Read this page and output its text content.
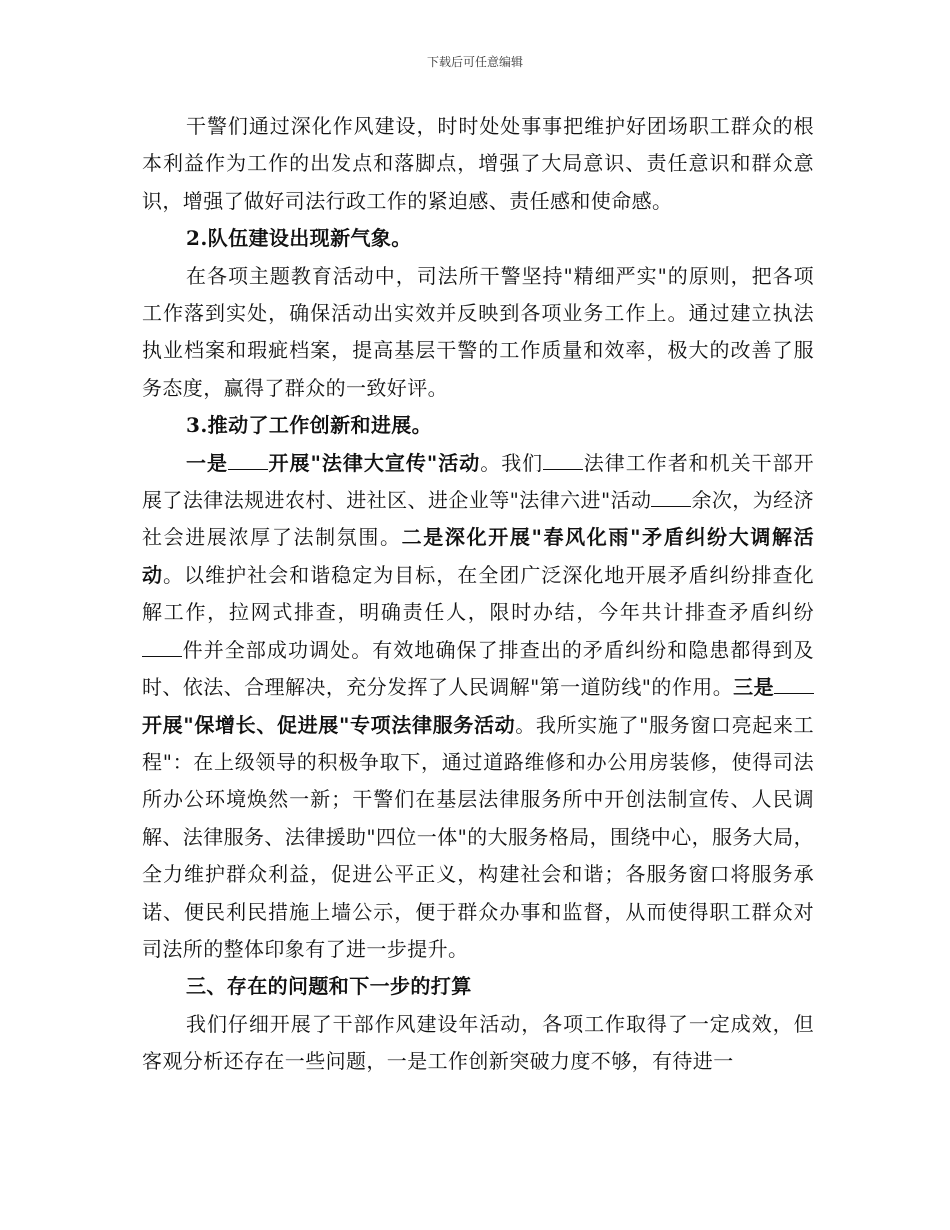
下载后可任意编辑

干警们通过深化作风建设，时时处处事事把维护好团场职工群众的根本利益作为工作的出发点和落脚点，增强了大局意识、责任意识和群众意识，增强了做好司法行政工作的紧迫感、责任感和使命感。

2.队伍建设出现新气象。

在各项主题教育活动中，司法所干警坚持"精细严实"的原则，把各项工作落到实处，确保活动出实效并反映到各项业务工作上。通过建立执法执业档案和瑕疵档案，提高基层干警的工作质量和效率，极大的改善了服务态度，赢得了群众的一致好评。

3.推动了工作创新和进展。

一是 开展"法律大宣传"活动。我们 法律工作者和机关干部开展了法律法规进农村、进社区、进企业等"法律六进"活动 余次，为经济社会进展浓厚了法制氛围。二是深化开展"春风化雨"矛盾纠纷大调解活动。以维护社会和谐稳定为目标，在全团广泛深化地开展矛盾纠纷排查化解工作，拉网式排查，明确责任人，限时办结，今年共计排查矛盾纠纷件并全部成功调处。有效地确保了排查出的矛盾纠纷和隐患都得到及时、依法、合理解决，充分发挥了人民调解"第一道防线"的作用。三是开展"保增长、促进展"专项法律服务活动。我所实施了"服务窗口亮起来工程"：在上级领导的积极争取下，通过道路维修和办公用房装修，使得司法所办公环境焕然一新；干警们在基层法律服务所中开创法制宣传、人民调解、法律服务、法律援助"四位一体"的大服务格局，围绕中心，服务大局，全力维护群众利益，促进公平正义，构建社会和谐；各服务窗口将服务承诺、便民利民措施上墙公示，便于群众办事和监督，从而使得职工群众对司法所的整体印象有了进一步提升。

三、存在的问题和下一步的打算

我们仔细开展了干部作风建设年活动，各项工作取得了一定成效，但客观分析还存在一些问题，一是工作创新突破力度不够，有待进一
